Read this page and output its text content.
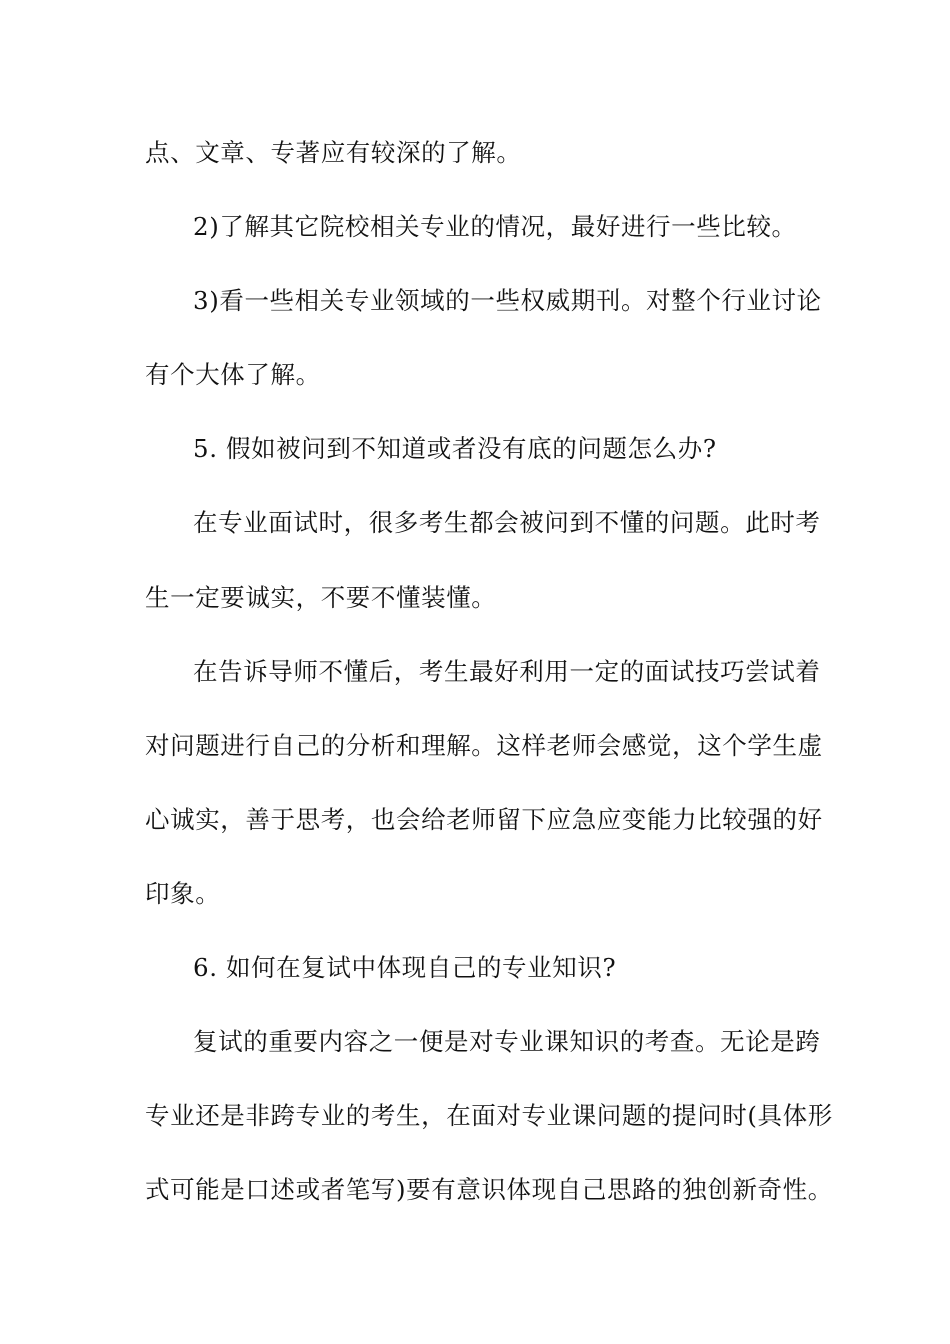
点、文章、专著应有较深的了解。
2)了解其它院校相关专业的情况，最好进行一些比较。
3)看一些相关专业领域的一些权威期刊。对整个行业讨论
有个大体了解。
5. 假如被问到不知道或者没有底的问题怎么办?
在专业面试时，很多考生都会被问到不懂的问题。此时考
生一定要诚实，不要不懂装懂。
在告诉导师不懂后，考生最好利用一定的面试技巧尝试着
对问题进行自己的分析和理解。这样老师会感觉，这个学生虚
心诚实，善于思考，也会给老师留下应急应变能力比较强的好
印象。
6. 如何在复试中体现自己的专业知识?
复试的重要内容之一便是对专业课知识的考查。无论是跨
专业还是非跨专业的考生，在面对专业课问题的提问时(具体形
式可能是口述或者笔写)要有意识体现自己思路的独创新奇性。
